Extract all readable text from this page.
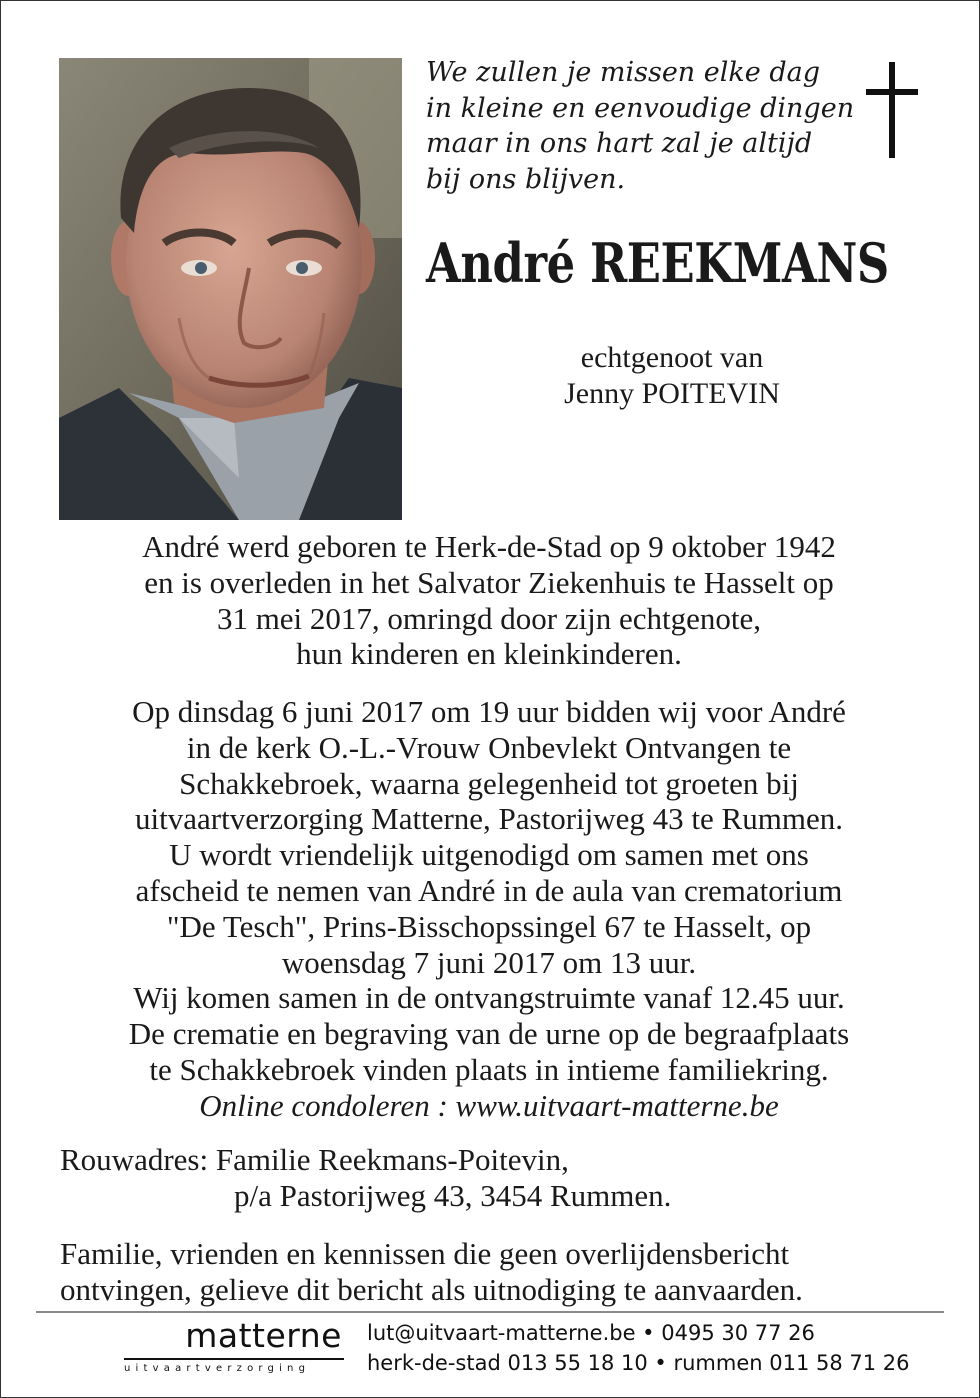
We zullen je missen elke dag
in kleine en eenvoudige dingen
maar in ons hart zal je altijd
bij ons blijven.
André REEKMANS
echtgenoot van
Jenny POITEVIN
André werd geboren te Herk-de-Stad op 9 oktober 1942
en is overleden in het Salvator Ziekenhuis te Hasselt op
31 mei 2017, omringd door zijn echtgenote,
hun kinderen en kleinkinderen.
Op dinsdag 6 juni 2017 om 19 uur bidden wij voor André
in de kerk O.-L.-Vrouw Onbevlekt Ontvangen te
Schakkebroek, waarna gelegenheid tot groeten bij
uitvaartverzorging Matterne, Pastorijweg 43 te Rummen.
U wordt vriendelijk uitgenodigd om samen met ons
afscheid te nemen van André in de aula van crematorium
"De Tesch", Prins-Bisschopssingel 67 te Hasselt, op
woensdag 7 juni 2017 om 13 uur.
Wij komen samen in de ontvangstruimte vanaf 12.45 uur.
De crematie en begraving van de urne op de begraafplaats
te Schakkebroek vinden plaats in intieme familiekring.
Online condoleren : www.uitvaart-matterne.be
Rouwadres: Familie Reekmans-Poitevin,
p/a Pastorijweg 43, 3454 Rummen.
Familie, vrienden en kennissen die geen overlijdensbericht
ontvingen, gelieve dit bericht als uitnodiging te aanvaarden.
matterne
uitvaartverzorging
lut@uitvaart-matterne.be • 0495 30 77 26
herk-de-stad 013 55 18 10 • rummen 011 58 71 26
